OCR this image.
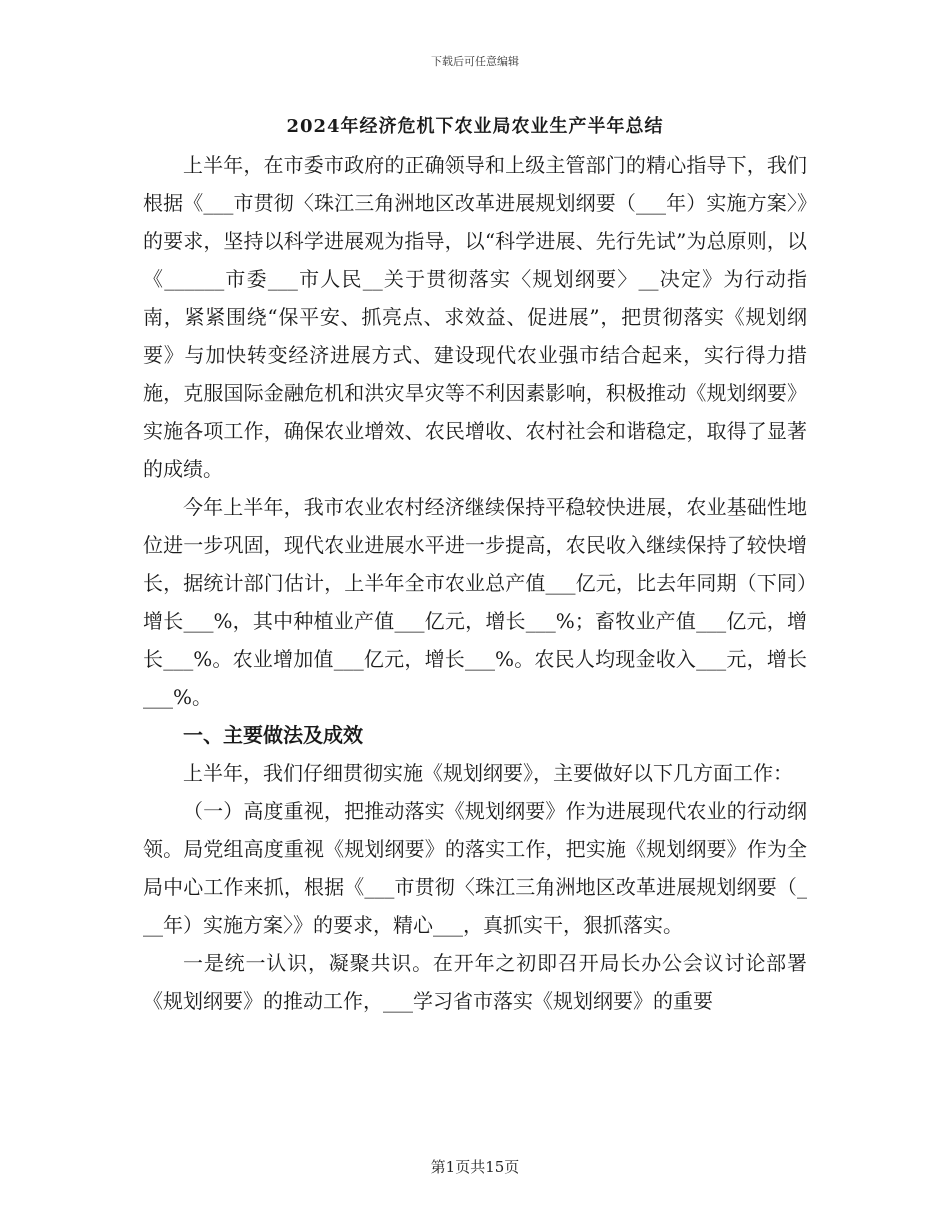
下载后可任意编辑
2024年经济危机下农业局农业生产半年总结

上半年，在市委市政府的正确领导和上级主管部门的精心指导下，我们根据《___市贯彻〈珠江三角洲地区改革进展规划纲要（___年）实施方案〉》的要求，坚持以科学进展观为指导，以“科学进展、先行先试”为总原则，以《______市委___市人民__关于贯彻落实〈规划纲要〉__决定》为行动指南，紧紧围绕“保平安、抓亮点、求效益、促进展”，把贯彻落实《规划纲要》与加快转变经济进展方式、建设现代农业强市结合起来，实行得力措施，克服国际金融危机和洪灾旱灾等不利因素影响，积极推动《规划纲要》实施各项工作，确保农业增效、农民增收、农村社会和谐稳定，取得了显著的成绩。

今年上半年，我市农业农村经济继续保持平稳较快进展，农业基础性地位进一步巩固，现代农业进展水平进一步提高，农民收入继续保持了较快增长，据统计部门估计，上半年全市农业总产值___亿元，比去年同期（下同）增长___%，其中种植业产值___亿元，增长___%；畜牧业产值___亿元，增长___%。农业增加值___亿元，增长___%。农民人均现金收入___元，增长___%。

一、主要做法及成效

上半年，我们仔细贯彻实施《规划纲要》，主要做好以下几方面工作：

（一）高度重视，把推动落实《规划纲要》作为进展现代农业的行动纲领。局党组高度重视《规划纲要》的落实工作，把实施《规划纲要》作为全局中心工作来抓，根据《___市贯彻〈珠江三角洲地区改革进展规划纲要（___年）实施方案〉》的要求，精心___，真抓实干，狠抓落实。

一是统一认识，凝聚共识。在开年之初即召开局长办公会议讨论部署《规划纲要》的推动工作，___学习省市落实《规划纲要》的重要

第1页共15页
